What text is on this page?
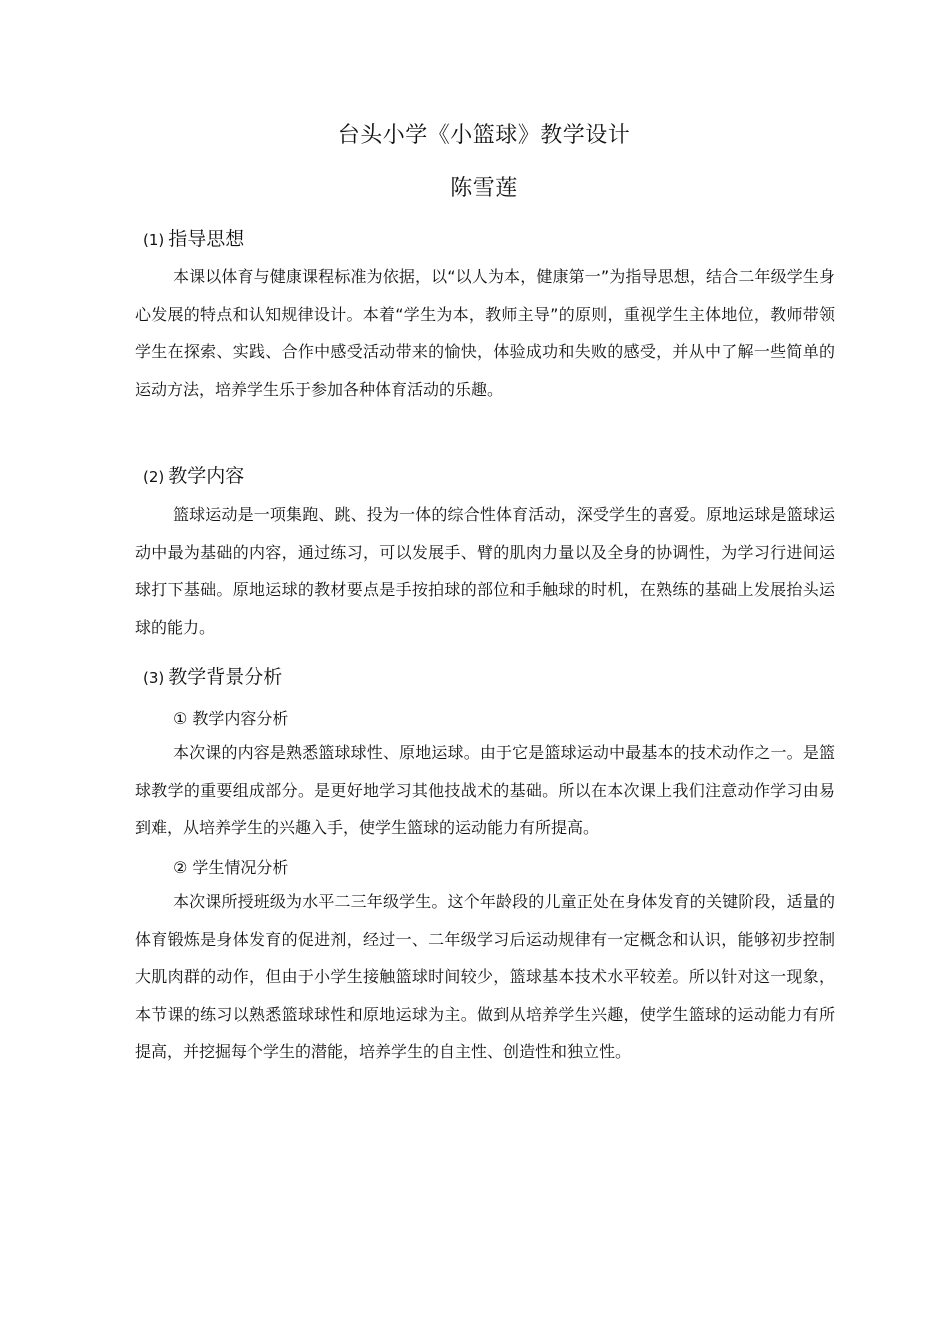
台头小学《小篮球》教学设计
陈雪莲
(1) 指导思想

本课以体育与健康课程标准为依据，以“以人为本，健康第一”为指导思想，结合二年级学生身心发展的特点和认知规律设计。本着“学生为本，教师主导”的原则，重视学生主体地位，教师带领学生在探索、实践、合作中感受活动带来的愉快，体验成功和失败的感受，并从中了解一些简单的运动方法，培养学生乐于参加各种体育活动的乐趣。

(2) 教学内容

篮球运动是一项集跑、跳、投为一体的综合性体育活动，深受学生的喜爱。原地运球是篮球运动中最为基础的内容，通过练习，可以发展手、臂的肌肉力量以及全身的协调性，为学习行进间运球打下基础。原地运球的教材要点是手按拍球的部位和手触球的时机，在熟练的基础上发展抬头运球的能力。

(3) 教学背景分析
① 教学内容分析

本次课的内容是熟悉篮球球性、原地运球。由于它是篮球运动中最基本的技术动作之一。是篮球教学的重要组成部分。是更好地学习其他技战术的基础。所以在本次课上我们注意动作学习由易到难，从培养学生的兴趣入手，使学生篮球的运动能力有所提高。

② 学生情况分析

本次课所授班级为水平二三年级学生。这个年龄段的儿童正处在身体发育的关键阶段，适量的体育锻炼是身体发育的促进剂，经过一、二年级学习后运动规律有一定概念和认识，能够初步控制大肌肉群的动作，但由于小学生接触篮球时间较少，篮球基本技术水平较差。所以针对这一现象，本节课的练习以熟悉篮球球性和原地运球为主。做到从培养学生兴趣，使学生篮球的运动能力有所提高，并挖掘每个学生的潜能，培养学生的自主性、创造性和独立性。
